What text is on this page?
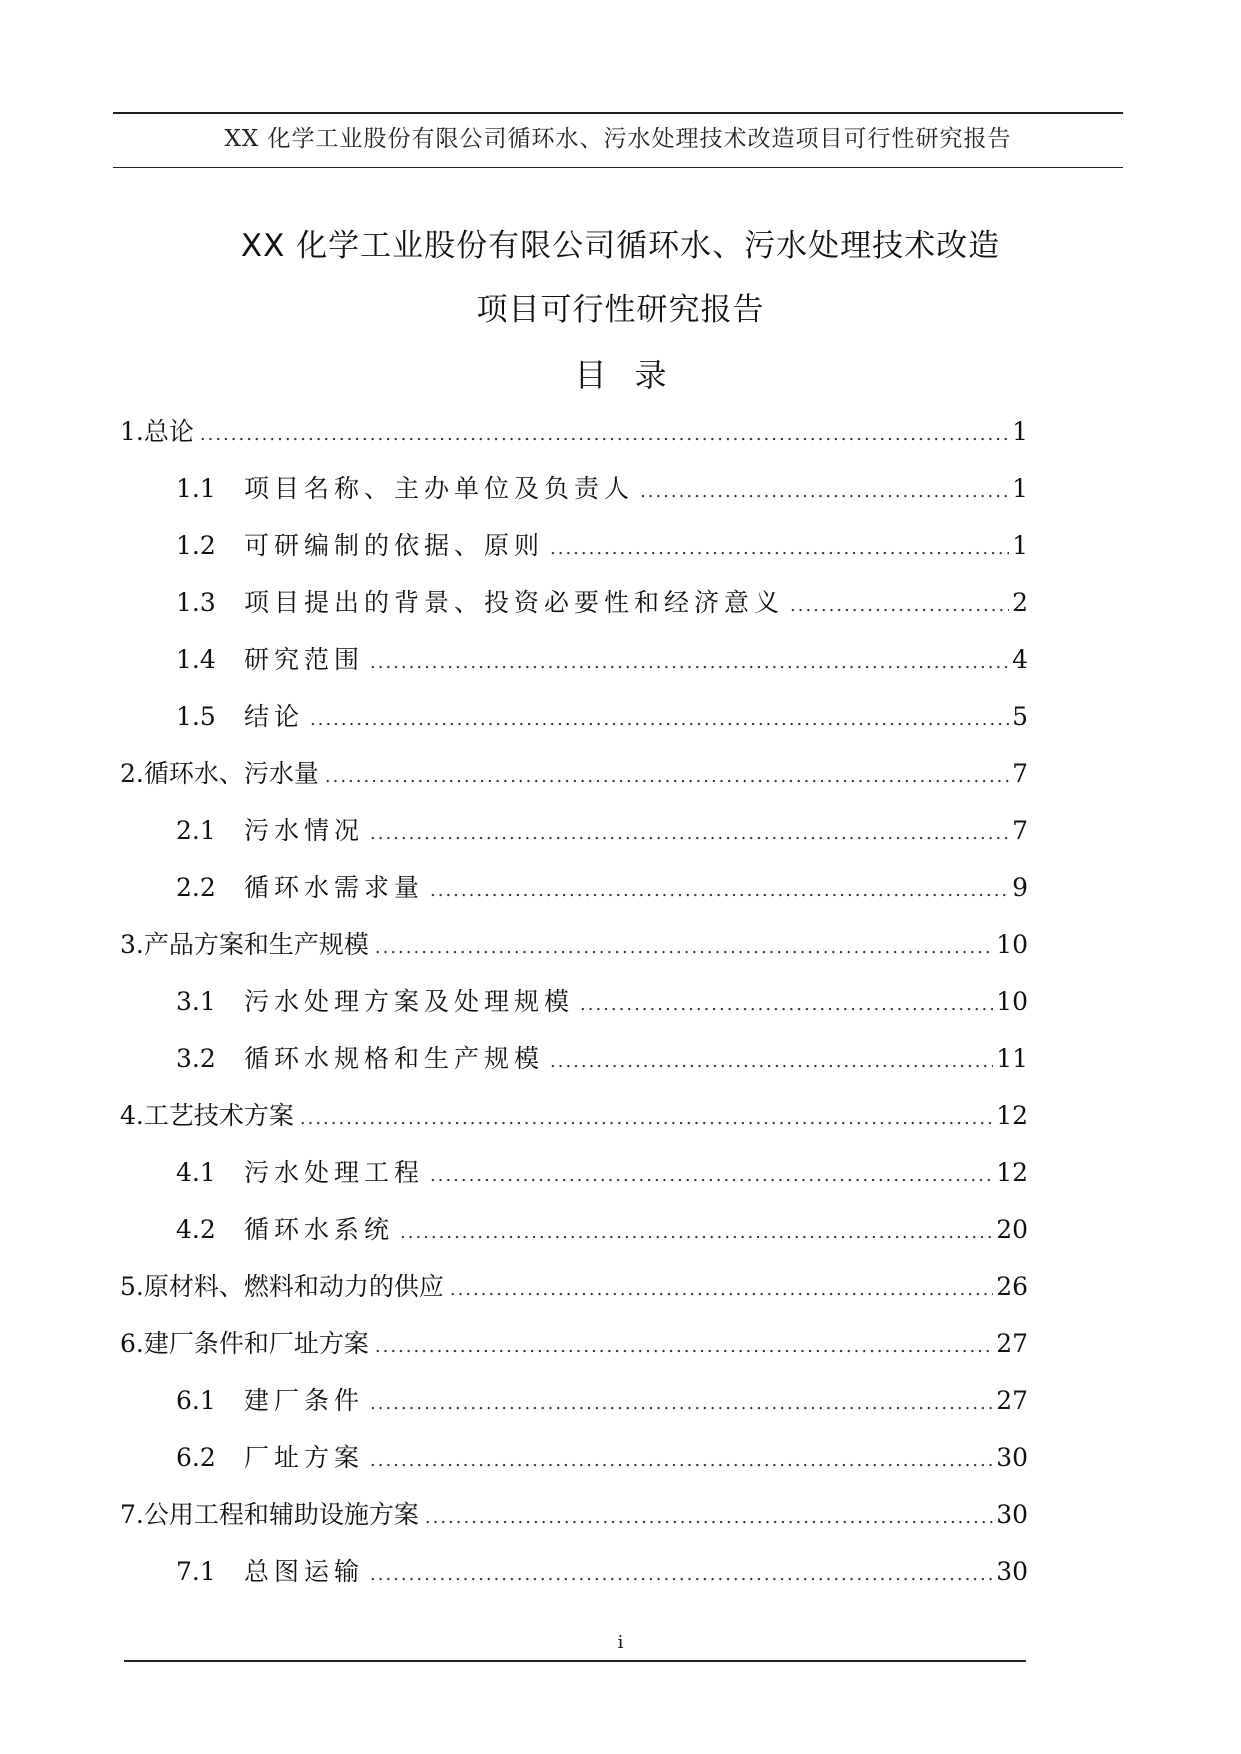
XX 化学工业股份有限公司循环水、污水处理技术改造项目可行性研究报告
XX 化学工业股份有限公司循环水、污水处理技术改造
项目可行性研究报告
目录
1. 总论 .....	1
1.1	项目名称、主办单位及负责人 .....	1
1.2	可研编制的依据、原则 .....	1
1.3	项目提出的背景、投资必要性和经济意义 .....	2
1.4	研究范围 .....	4
1.5	结论 .....	5
2. 循环水、污水量 .....	7
2.1	污水情况 .....	7
2.2	循环水需求量 .....	9
3. 产品方案和生产规模 .....	10
3.1	污水处理方案及处理规模 .....	10
3.2	循环水规格和生产规模 .....	11
4. 工艺技术方案 .....	12
4.1	污水处理工程 .....	12
4.2	循环水系统 .....	20
5. 原材料、燃料和动力的供应 .....	26
6. 建厂条件和厂址方案 .....	27
6.1	建厂条件 .....	27
6.2	厂址方案 .....	30
7. 公用工程和辅助设施方案 .....	30
7.1	总图运输 .....	30
i
